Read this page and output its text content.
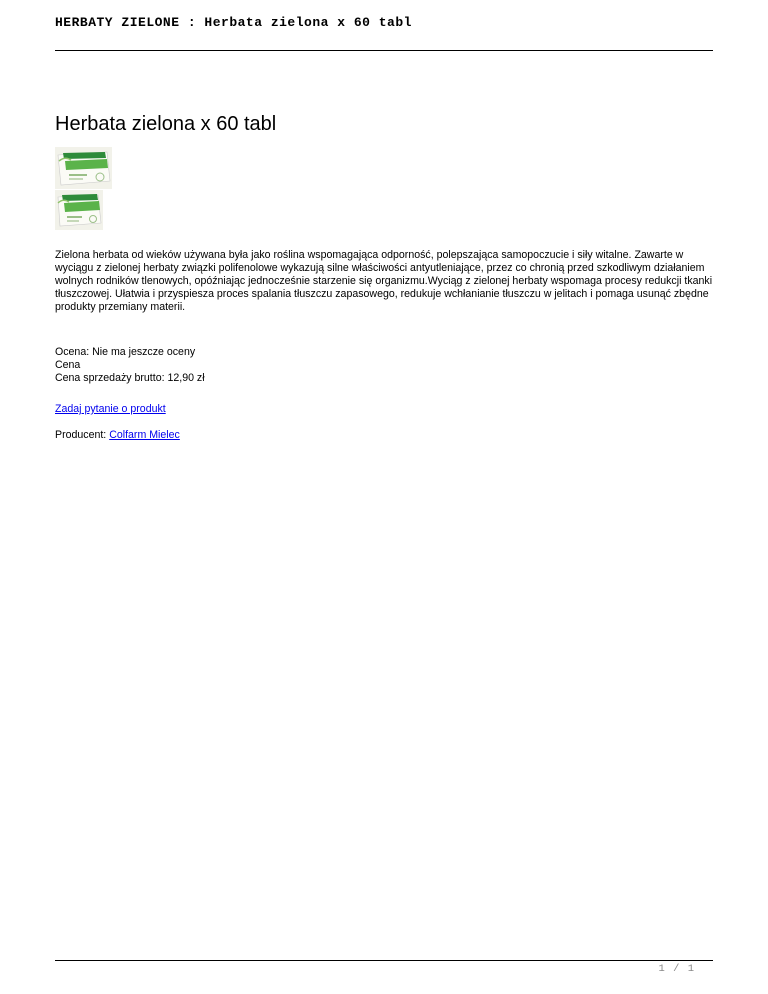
HERBATY ZIELONE : Herbata zielona x 60 tabl
Herbata zielona x 60 tabl

Zielona herbata od wieków używana była jako roślina wspomagająca odporność, polepszająca samopoczucie i siły witalne. Zawarte w wyciągu z zielonej herbaty związki polifenolowe wykazują silne właściwości antyutleniające, przez co chronią przed szkodliwym działaniem wolnych rodników tlenowych, opóźniając jednocześnie starzenie się organizmu.Wyciąg z zielonej herbaty wspomaga procesy redukcji tkanki tłuszczowej. Ułatwia i przyspiesza proces spalania tłuszczu zapasowego, redukuje wchłanianie tłuszczu w jelitach i pomaga usunąć zbędne produkty przemiany materii.

Ocena: Nie ma jeszcze oceny
Cena
Cena sprzedaży brutto: 12,90 zł
Zadaj pytanie o produkt
Producent: Colfarm Mielec
1 / 1
